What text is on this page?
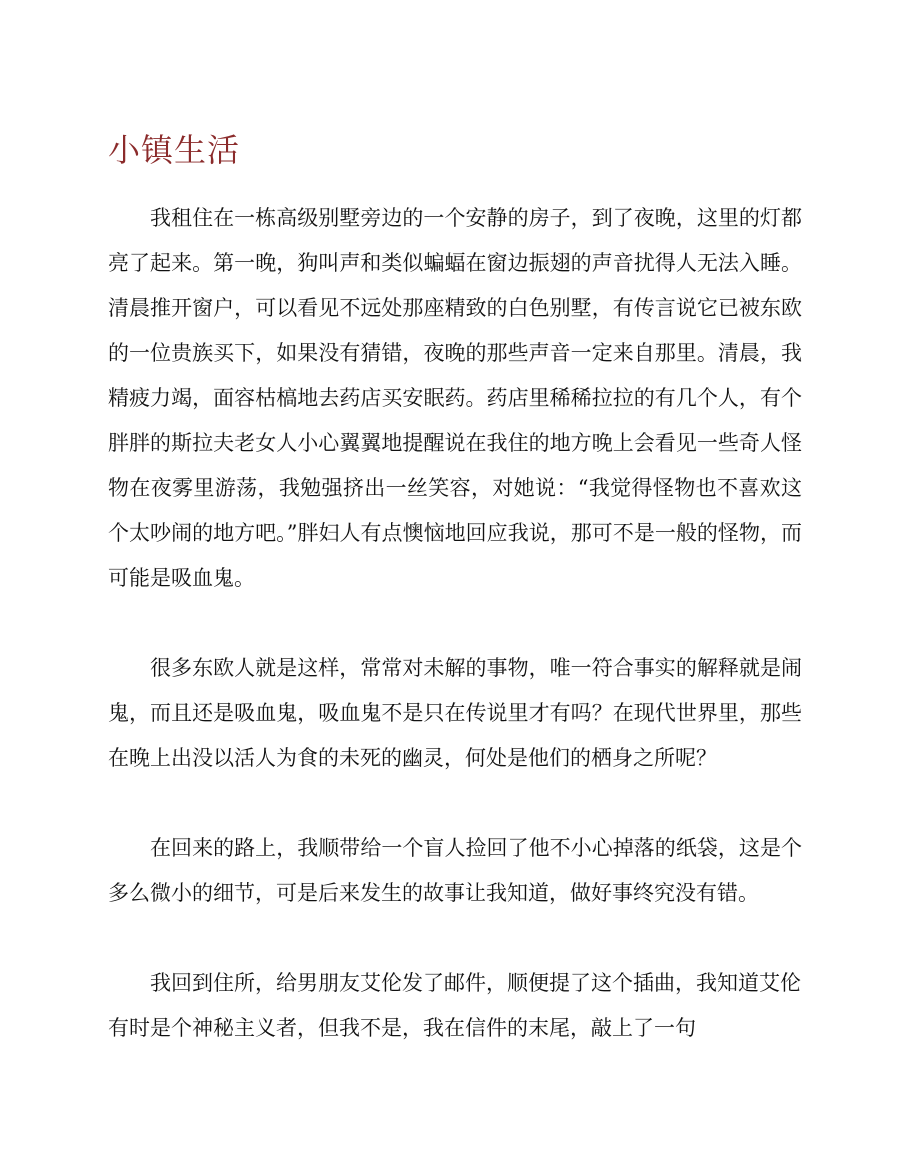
小镇生活

我租住在一栋高级别墅旁边的一个安静的房子，到了夜晚，这里的灯都亮了起来。第一晚，狗叫声和类似蝙蝠在窗边振翅的声音扰得人无法入睡。清晨推开窗户，可以看见不远处那座精致的白色别墅，有传言说它已被东欧的一位贵族买下，如果没有猜错，夜晚的那些声音一定来自那里。清晨，我精疲力竭，面容枯槁地去药店买安眠药。药店里稀稀拉拉的有几个人，有个胖胖的斯拉夫老女人小心翼翼地提醒说在我住的地方晚上会看见一些奇人怪物在夜雾里游荡，我勉强挤出一丝笑容，对她说：“我觉得怪物也不喜欢这个太吵闹的地方吧。”胖妇人有点懊恼地回应我说，那可不是一般的怪物，而可能是吸血鬼。

很多东欧人就是这样，常常对未解的事物，唯一符合事实的解释就是闹鬼，而且还是吸血鬼，吸血鬼不是只在传说里才有吗？在现代世界里，那些在晚上出没以活人为食的未死的幽灵，何处是他们的栖身之所呢？

在回来的路上，我顺带给一个盲人捡回了他不小心掉落的纸袋，这是个多么微小的细节，可是后来发生的故事让我知道，做好事终究没有错。

我回到住所，给男朋友艾伦发了邮件，顺便提了这个插曲，我知道艾伦有时是个神秘主义者，但我不是，我在信件的末尾，敲上了一句
